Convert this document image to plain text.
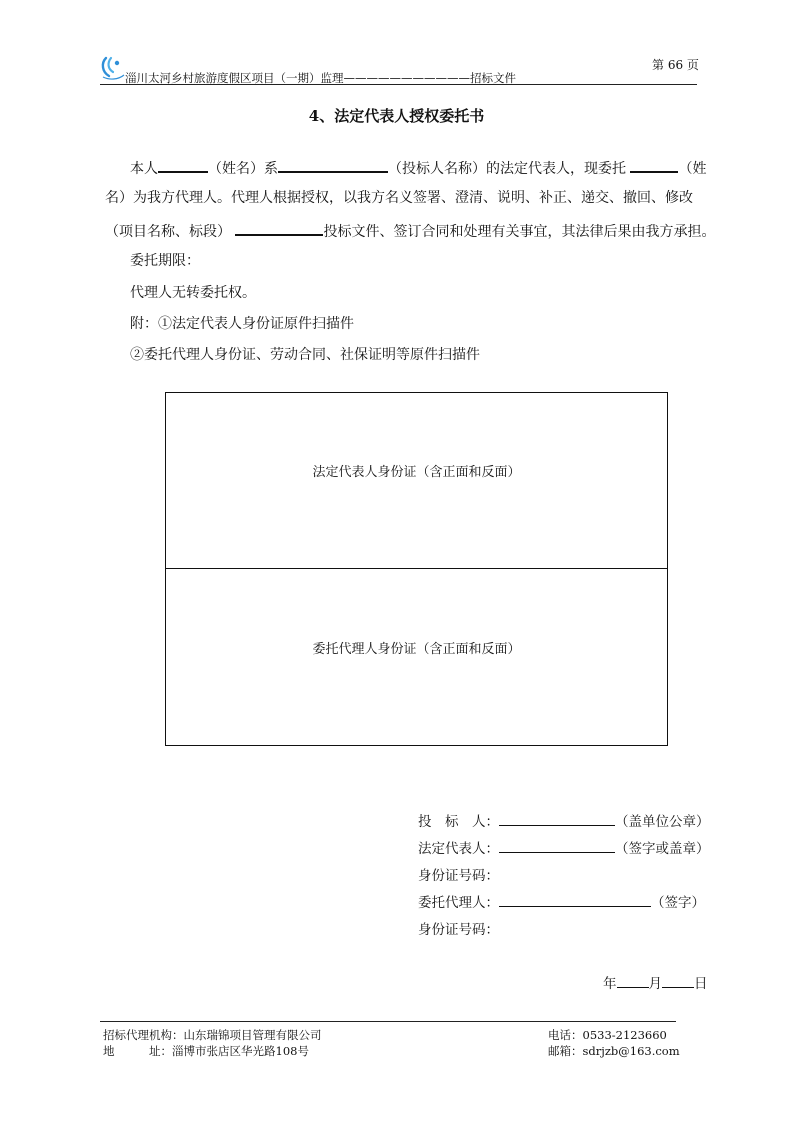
淄川太河乡村旅游度假区项目（一期）监理———————————招标文件
第 66 页
4、法定代表人授权委托书
本人	（姓名）系	（投标人名称）的法定代表人，现委托	（姓
名）为我方代理人。代理人根据授权，以我方名义签署、澄清、说明、补正、递交、撤回、修改
（项目名称、标段）	投标文件、签订合同和处理有关事宜，其法律后果由我方承担。
委托期限：
代理人无转委托权。
附：①法定代表人身份证原件扫描件
②委托代理人身份证、劳动合同、社保证明等原件扫描件
法定代表人身份证（含正面和反面）
委托代理人身份证（含正面和反面）
投　标　人：	（盖单位公章）
法定代表人：	（签字或盖章）
身份证号码：
委托代理人：	（签字）
身份证号码：
年 月 日
招标代理机构：山东瑞锦项目管理有限公司	电话：0533-2123660
地　　　址：淄博市张店区华光路108号	邮箱：sdrjzb@163.com
